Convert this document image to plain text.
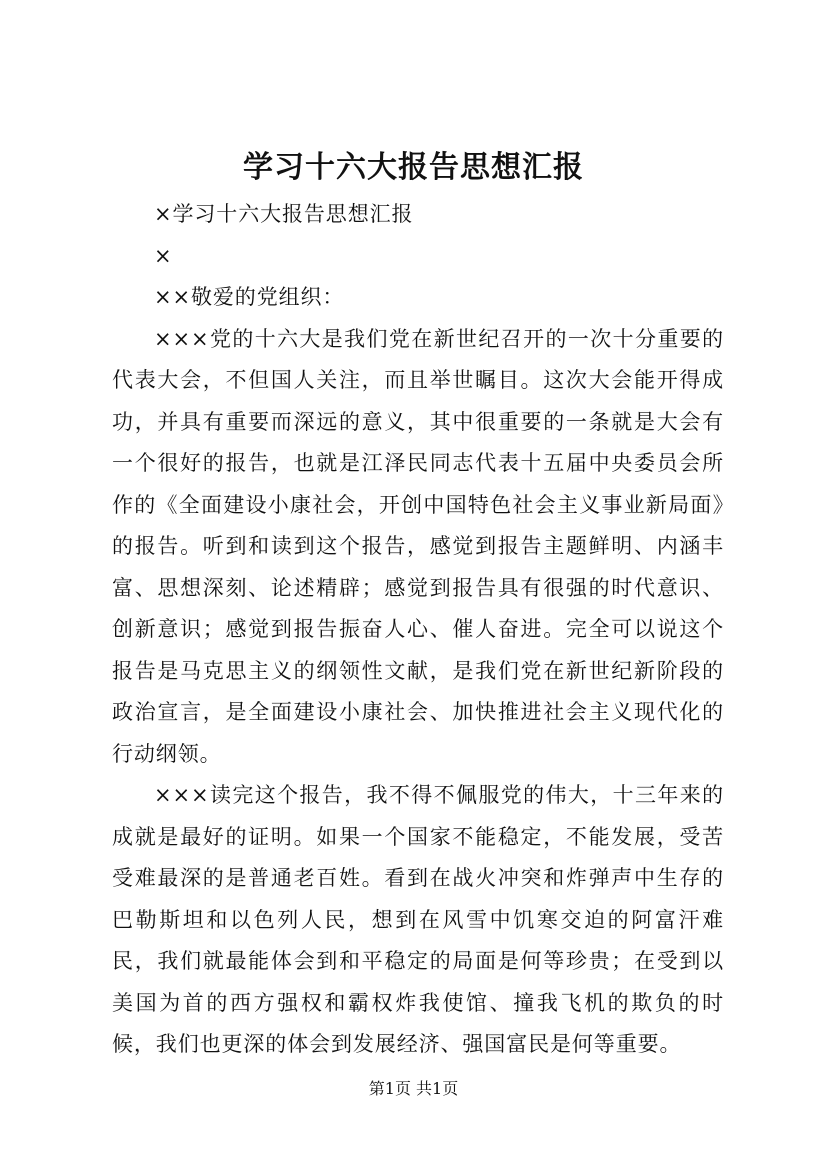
学习十六大报告思想汇报

×学习十六大报告思想汇报

×

××敬爱的党组织：

×××党的十六大是我们党在新世纪召开的一次十分重要的代表大会，不但国人关注，而且举世瞩目。这次大会能开得成功，并具有重要而深远的意义，其中很重要的一条就是大会有一个很好的报告，也就是江泽民同志代表十五届中央委员会所作的《全面建设小康社会，开创中国特色社会主义事业新局面》的报告。听到和读到这个报告，感觉到报告主题鲜明、内涵丰富、思想深刻、论述精辟；感觉到报告具有很强的时代意识、创新意识；感觉到报告振奋人心、催人奋进。完全可以说这个报告是马克思主义的纲领性文献，是我们党在新世纪新阶段的政治宣言，是全面建设小康社会、加快推进社会主义现代化的行动纲领。

×××读完这个报告，我不得不佩服党的伟大，十三年来的成就是最好的证明。如果一个国家不能稳定，不能发展，受苦受难最深的是普通老百姓。看到在战火冲突和炸弹声中生存的巴勒斯坦和以色列人民，想到在风雪中饥寒交迫的阿富汗难民，我们就最能体会到和平稳定的局面是何等珍贵；在受到以美国为首的西方强权和霸权炸我使馆、撞我飞机的欺负的时候，我们也更深的体会到发展经济、强国富民是何等重要。

第1页 共1页
